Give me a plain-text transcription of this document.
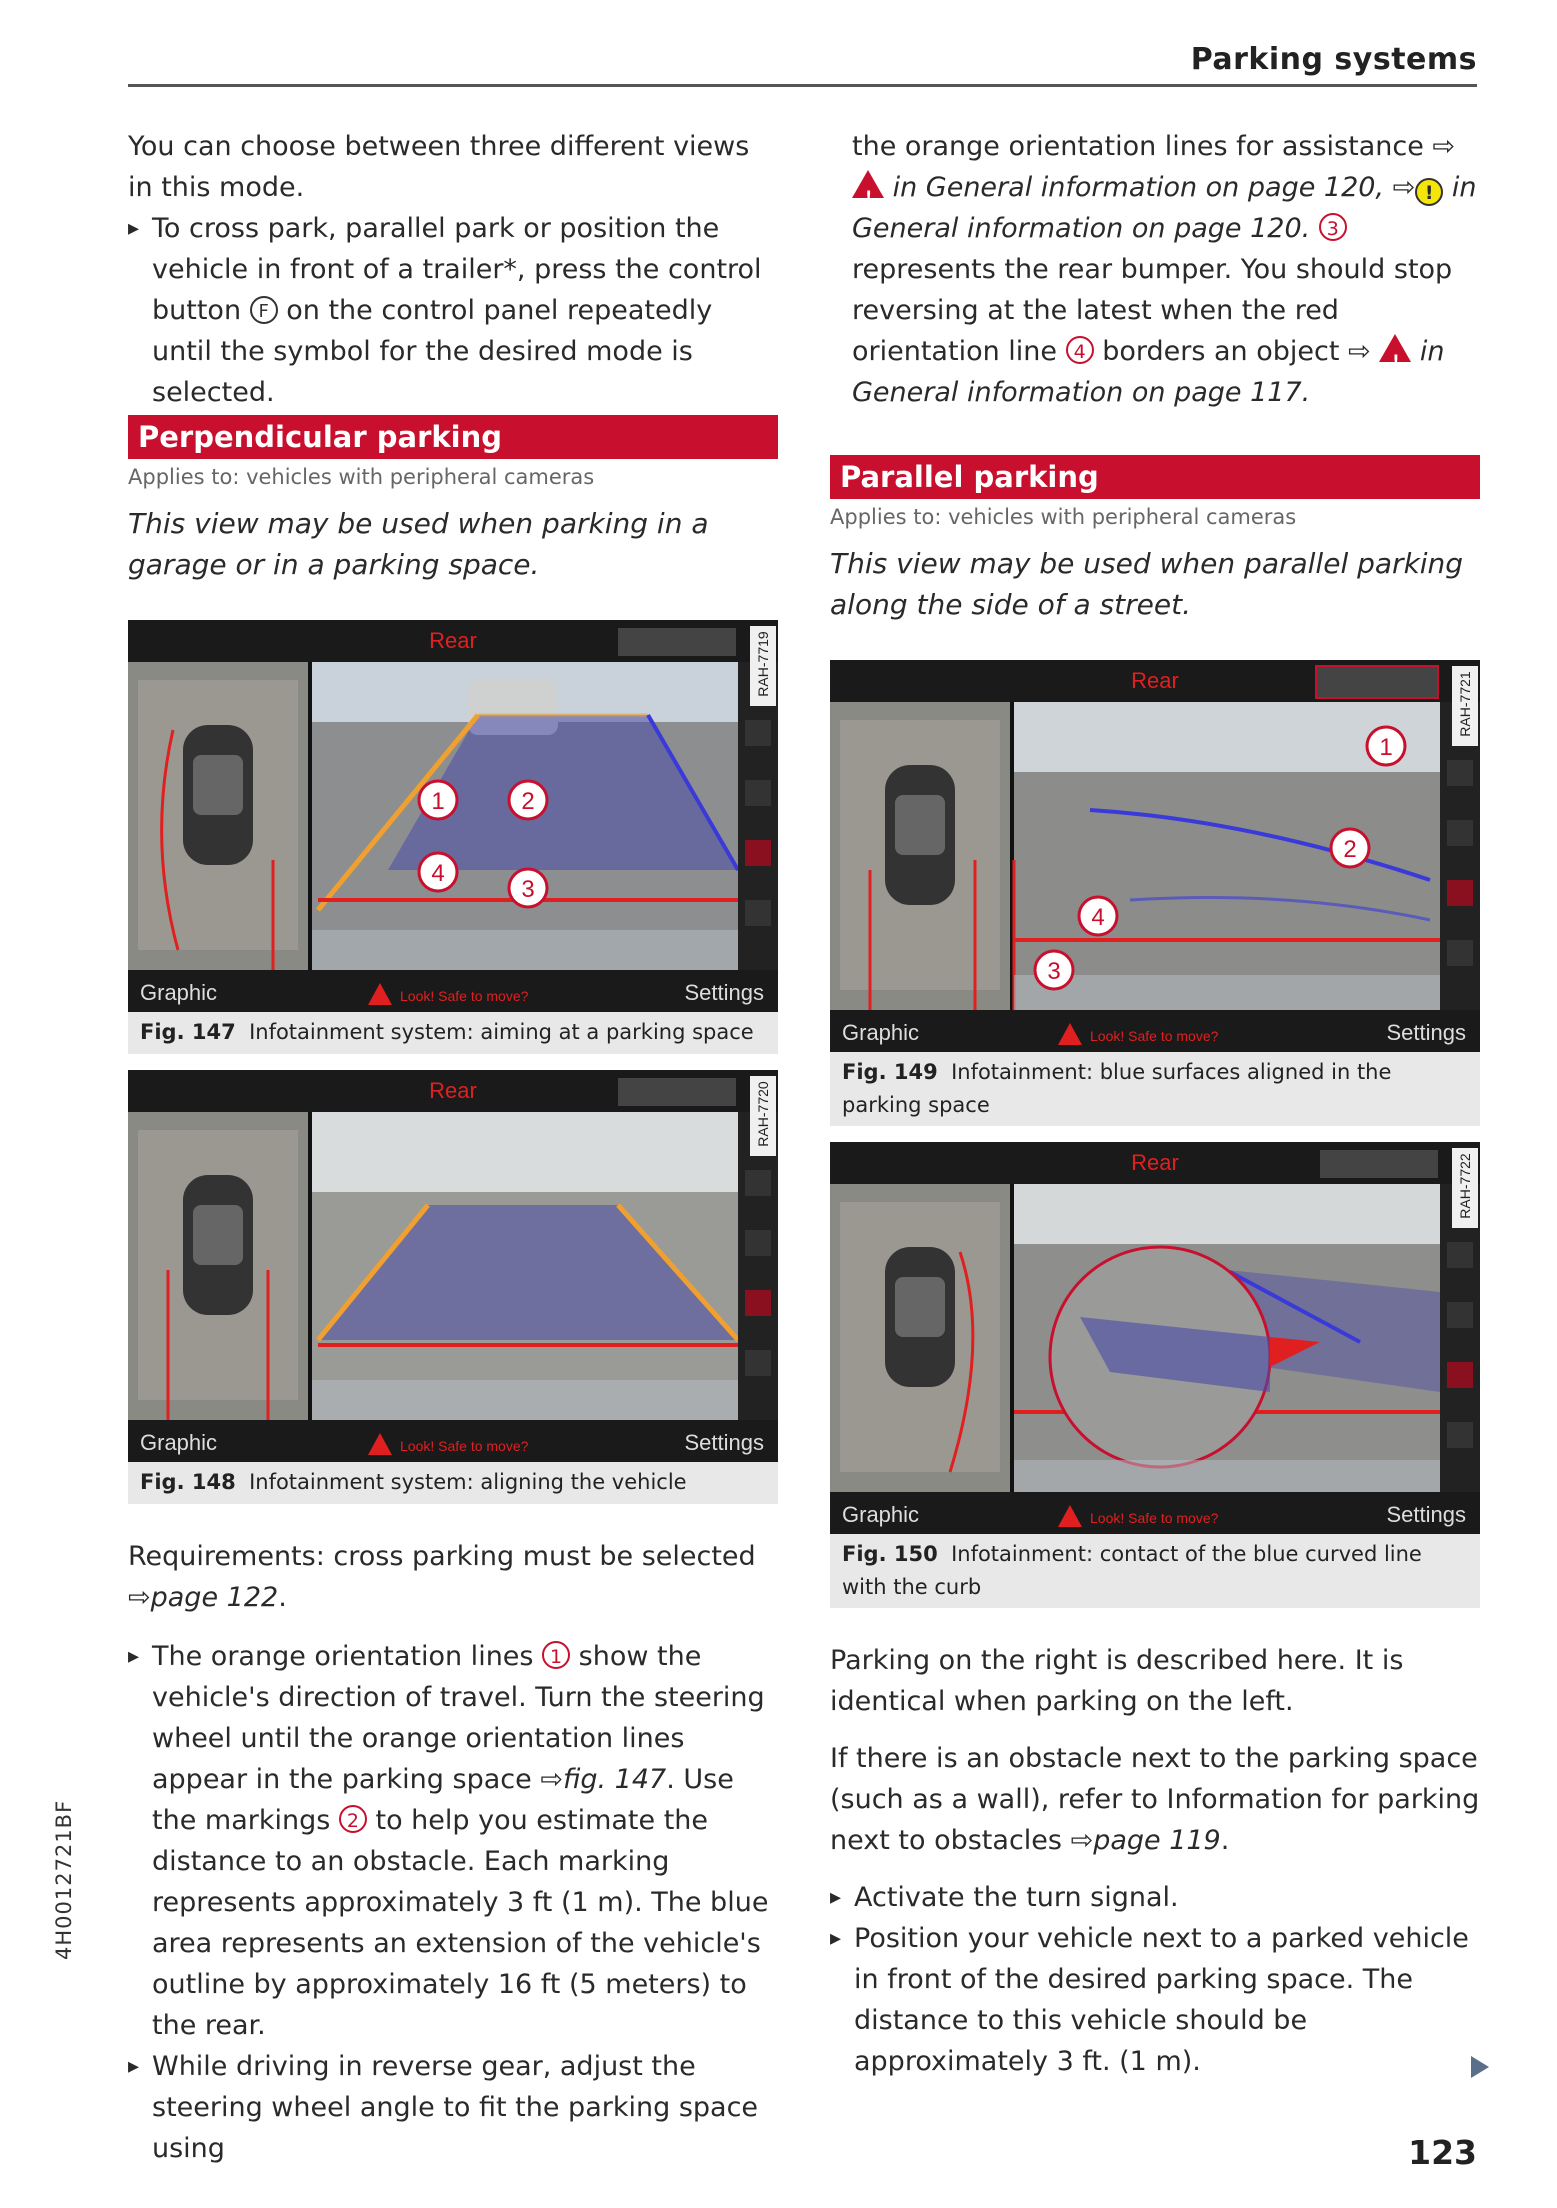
Parking systems

You can choose between three different views in this mode.

▸ To cross park, parallel park or position the vehicle in front of a trailer*, press the control button F on the control panel repeatedly until the symbol for the desired mode is selected.

Perpendicular parking
Applies to: vehicles with peripheral cameras
This view may be used when parking in a garage or in a parking space.
1	2
3
4
Rear	RAH-7719
Graphic	Look! Safe to move?	Settings
Fig. 147 Infotainment system: aiming at a parking space
Rear	RAH-7720
Graphic	Look! Safe to move?	Settings
Fig. 148 Infotainment system: aligning the vehicle

Requirements: cross parking must be selected ⇨page 122.

▸ The orange orientation lines 1 show the vehicle's direction of travel. Turn the steering wheel until the orange orientation lines appear in the parking space ⇨fig. 147. Use the markings 2 to help you estimate the distance to an obstacle. Each marking represents approximately 3 ft (1 m). The blue area represents an extension of the vehicle's outline by approximately 16 ft (5 meters) to the rear.

▸ While driving in reverse gear, adjust the steering wheel angle to fit the parking space using

the orange orientation lines for assistance ⇨ ! in General information on page 120, ⇨ ! in General information on page 120. 3 represents the rear bumper. You should stop reversing at the latest when the red orientation line 4 borders an object ⇨ ! in General information on page 117.

Parallel parking
Applies to: vehicles with peripheral cameras
This view may be used when parallel parking along the side of a street.
1
2
3
4
Rear	RAH-7721
Graphic	Look! Safe to move?	Settings
Fig. 149 Infotainment: blue surfaces aligned in the parking space
Rear	RAH-7722
Graphic	Look! Safe to move?	Settings
Fig. 150 Infotainment: contact of the blue curved line with the curb

Parking on the right is described here. It is identical when parking on the left.

If there is an obstacle next to the parking space (such as a wall), refer to Information for parking next to obstacles ⇨page 119.

▸ Activate the turn signal.

▸ Position your vehicle next to a parked vehicle in front of the desired parking space. The distance to this vehicle should be approximately 3 ft. (1 m).

123
4H0012721BF
